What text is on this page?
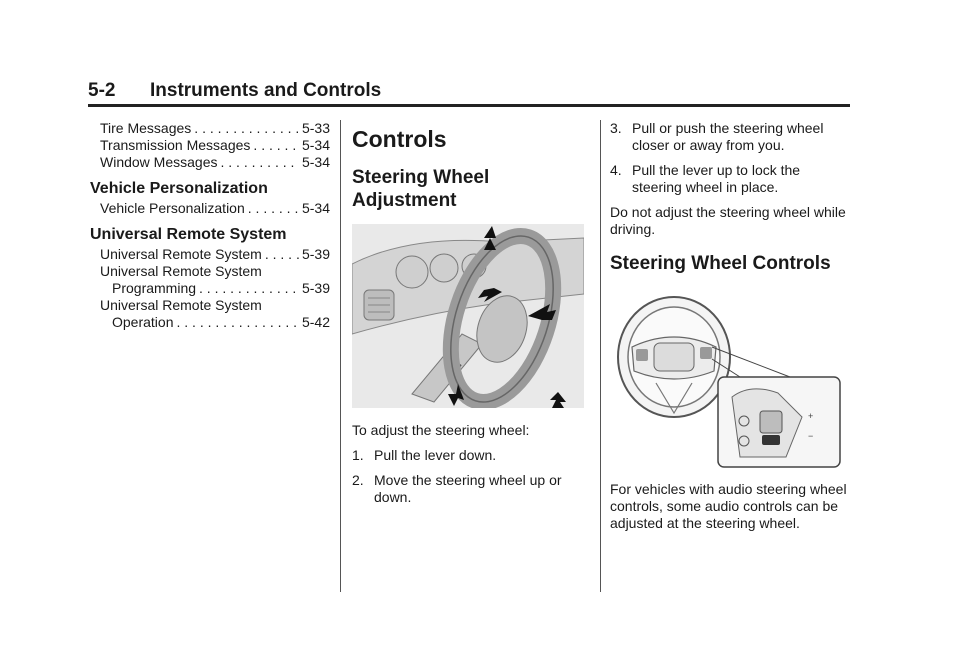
5-2 Instruments and Controls
Tire Messages . . .	5-33
Transmission Messages . . .	5-34
Window Messages . . .	5-34
Vehicle Personalization
Vehicle Personalization . . .	5-34
Universal Remote System
Universal Remote System . . .	5-39
Universal Remote System
Programming . . .	5-39
Universal Remote System
Operation . . .	5-42
Controls
Steering Wheel Adjustment

To adjust the steering wheel:

1. Pull the lever down.
2. Move the steering wheel up or down.
3. Pull or push the steering wheel closer or away from you.
4. Pull the lever up to lock the steering wheel in place.

Do not adjust the steering wheel while driving.

Steering Wheel Controls
+
−

For vehicles with audio steering wheel controls, some audio controls can be adjusted at the steering wheel.
